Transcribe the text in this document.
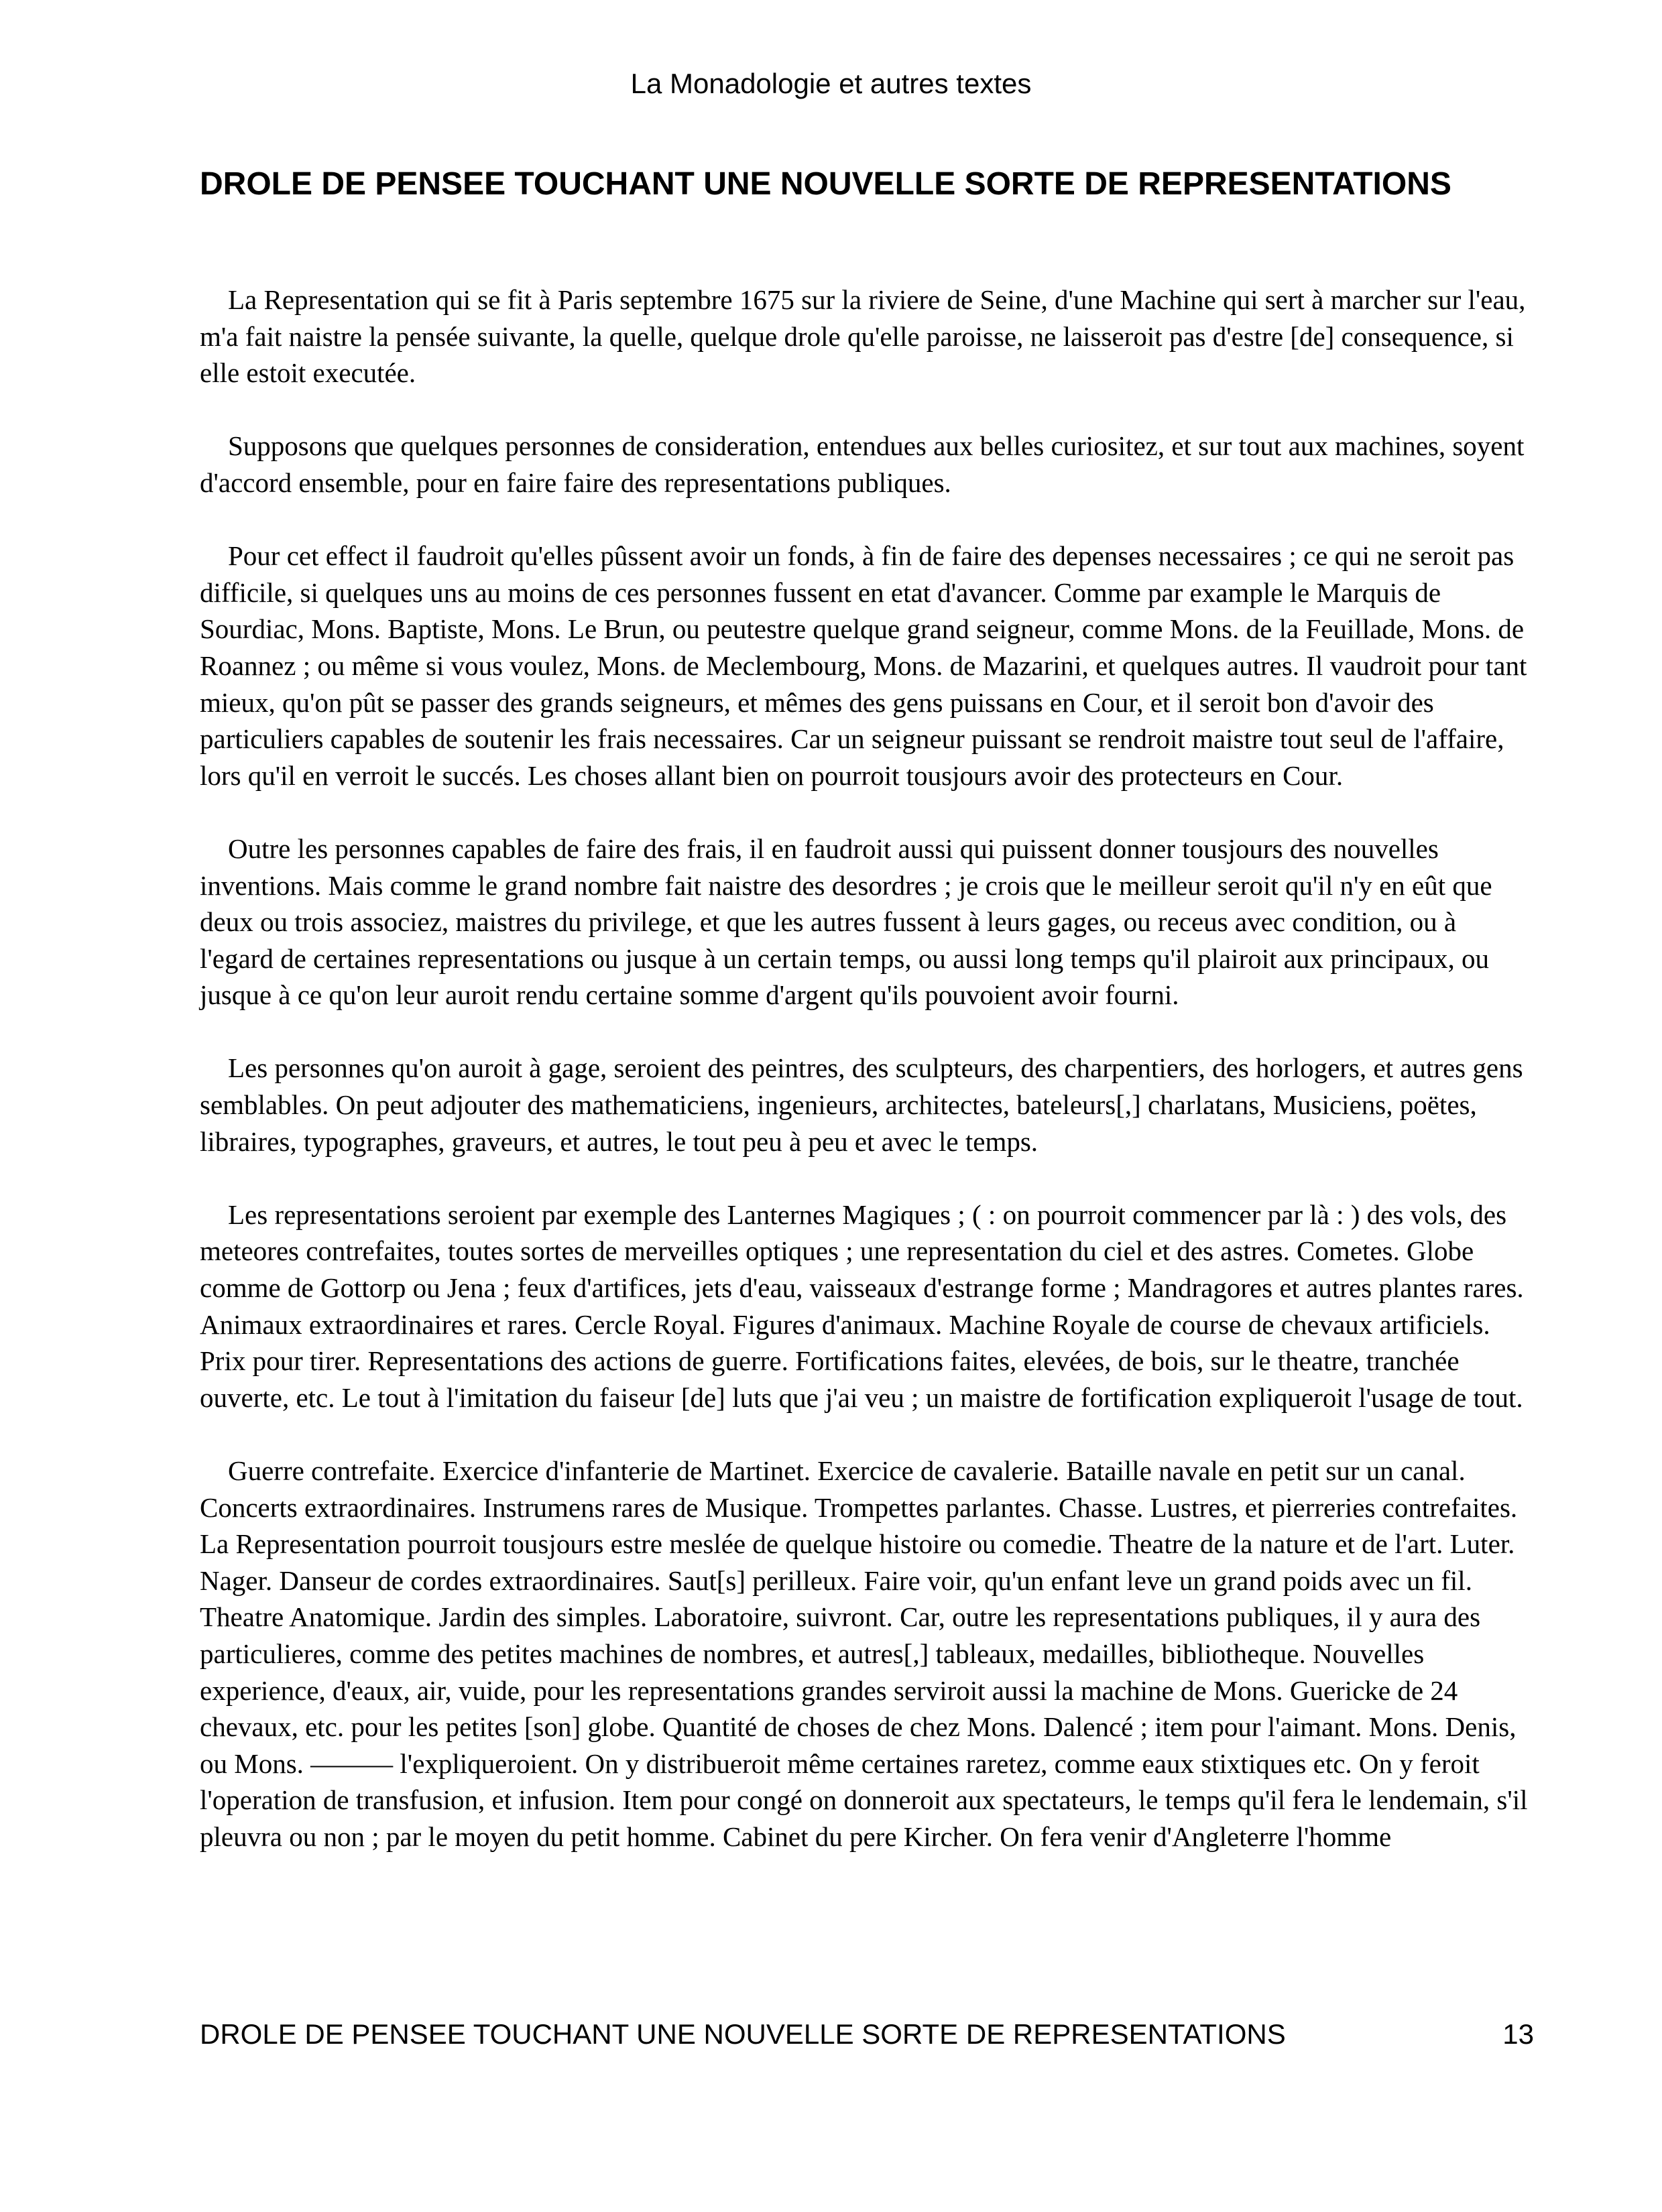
La Monadologie et autres textes
DROLE DE PENSEE TOUCHANT UNE NOUVELLE SORTE DE REPRESENTATIONS

La Representation qui se fit à Paris septembre 1675 sur la riviere de Seine, d'une Machine qui sert à marcher sur l'eau, m'a fait naistre la pensée suivante, la quelle, quelque drole qu'elle paroisse, ne laisseroit pas d'estre [de] consequence, si elle estoit executée.

Supposons que quelques personnes de consideration, entendues aux belles curiositez, et sur tout aux machines, soyent d'accord ensemble, pour en faire faire des representations publiques.

Pour cet effect il faudroit qu'elles pûssent avoir un fonds, à fin de faire des depenses necessaires ; ce qui ne seroit pas difficile, si quelques uns au moins de ces personnes fussent en etat d'avancer. Comme par example le Marquis de Sourdiac, Mons. Baptiste, Mons. Le Brun, ou peutestre quelque grand seigneur, comme Mons. de la Feuillade, Mons. de Roannez ; ou même si vous voulez, Mons. de Meclembourg, Mons. de Mazarini, et quelques autres. Il vaudroit pour tant mieux, qu'on pût se passer des grands seigneurs, et mêmes des gens puissans en Cour, et il seroit bon d'avoir des particuliers capables de soutenir les frais necessaires. Car un seigneur puissant se rendroit maistre tout seul de l'affaire, lors qu'il en verroit le succés. Les choses allant bien on pourroit tousjours avoir des protecteurs en Cour.

Outre les personnes capables de faire des frais, il en faudroit aussi qui puissent donner tousjours des nouvelles inventions. Mais comme le grand nombre fait naistre des desordres ; je crois que le meilleur seroit qu'il n'y en eût que deux ou trois associez, maistres du privilege, et que les autres fussent à leurs gages, ou receus avec condition, ou à l'egard de certaines representations ou jusque à un certain temps, ou aussi long temps qu'il plairoit aux principaux, ou jusque à ce qu'on leur auroit rendu certaine somme d'argent qu'ils pouvoient avoir fourni.

Les personnes qu'on auroit à gage, seroient des peintres, des sculpteurs, des charpentiers, des horlogers, et autres gens semblables. On peut adjouter des mathematiciens, ingenieurs, architectes, bateleurs[,] charlatans, Musiciens, poëtes, libraires, typographes, graveurs, et autres, le tout peu à peu et avec le temps.

Les representations seroient par exemple des Lanternes Magiques ; ( : on pourroit commencer par là : ) des vols, des meteores contrefaites, toutes sortes de merveilles optiques ; une representation du ciel et des astres. Cometes. Globe comme de Gottorp ou Jena ; feux d'artifices, jets d'eau, vaisseaux d'estrange forme ; Mandragores et autres plantes rares. Animaux extraordinaires et rares. Cercle Royal. Figures d'animaux. Machine Royale de course de chevaux artificiels. Prix pour tirer. Representations des actions de guerre. Fortifications faites, elevées, de bois, sur le theatre, tranchée ouverte, etc. Le tout à l'imitation du faiseur [de] luts que j'ai veu ; un maistre de fortification expliqueroit l'usage de tout.

Guerre contrefaite. Exercice d'infanterie de Martinet. Exercice de cavalerie. Bataille navale en petit sur un canal. Concerts extraordinaires. Instrumens rares de Musique. Trompettes parlantes. Chasse. Lustres, et pierreries contrefaites. La Representation pourroit tousjours estre meslée de quelque histoire ou comedie. Theatre de la nature et de l'art. Luter. Nager. Danseur de cordes extraordinaires. Saut[s] perilleux. Faire voir, qu'un enfant leve un grand poids avec un fil. Theatre Anatomique. Jardin des simples. Laboratoire, suivront. Car, outre les representations publiques, il y aura des particulieres, comme des petites machines de nombres, et autres[,] tableaux, medailles, bibliotheque. Nouvelles experience, d'eaux, air, vuide, pour les representations grandes serviroit aussi la machine de Mons. Guericke de 24 chevaux, etc. pour les petites [son] globe. Quantité de choses de chez Mons. Dalencé ; item pour l'aimant. Mons. Denis, ou Mons. ——— l'expliqueroient. On y distribueroit même certaines raretez, comme eaux stixtiques etc. On y feroit l'operation de transfusion, et infusion. Item pour congé on donneroit aux spectateurs, le temps qu'il fera le lendemain, s'il pleuvra ou non ; par le moyen du petit homme. Cabinet du pere Kircher. On fera venir d'Angleterre l'homme

DROLE DE PENSEE TOUCHANT UNE NOUVELLE SORTE DE REPRESENTATIONS	13
